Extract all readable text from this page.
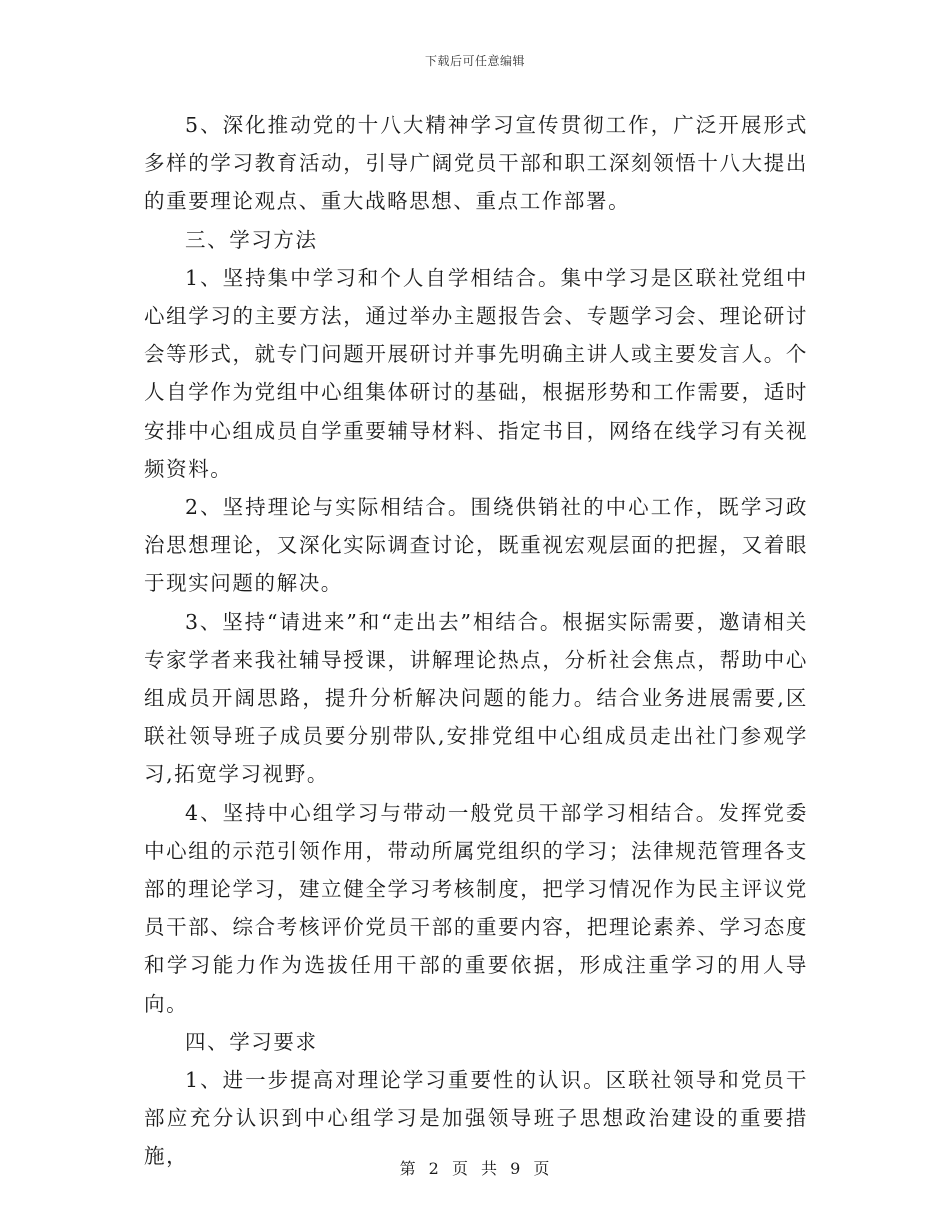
下载后可任意编辑

5、深化推动党的十八大精神学习宣传贯彻工作，广泛开展形式多样的学习教育活动，引导广阔党员干部和职工深刻领悟十八大提出的重要理论观点、重大战略思想、重点工作部署。

三、学习方法

1、坚持集中学习和个人自学相结合。集中学习是区联社党组中心组学习的主要方法，通过举办主题报告会、专题学习会、理论研讨会等形式，就专门问题开展研讨并事先明确主讲人或主要发言人。个人自学作为党组中心组集体研讨的基础，根据形势和工作需要，适时安排中心组成员自学重要辅导材料、指定书目，网络在线学习有关视频资料。

2、坚持理论与实际相结合。围绕供销社的中心工作，既学习政治思想理论，又深化实际调查讨论，既重视宏观层面的把握，又着眼于现实问题的解决。

3、坚持“请进来”和“走出去”相结合。根据实际需要，邀请相关专家学者来我社辅导授课，讲解理论热点，分析社会焦点，帮助中心组成员开阔思路，提升分析解决问题的能力。结合业务进展需要,区联社领导班子成员要分别带队,安排党组中心组成员走出社门参观学习,拓宽学习视野。

4、坚持中心组学习与带动一般党员干部学习相结合。发挥党委中心组的示范引领作用，带动所属党组织的学习；法律规范管理各支部的理论学习，建立健全学习考核制度，把学习情况作为民主评议党员干部、综合考核评价党员干部的重要内容，把理论素养、学习态度和学习能力作为选拔任用干部的重要依据，形成注重学习的用人导向。

四、学习要求

1、进一步提高对理论学习重要性的认识。区联社领导和党员干部应充分认识到中心组学习是加强领导班子思想政治建设的重要措施，

第 2 页 共 9 页
